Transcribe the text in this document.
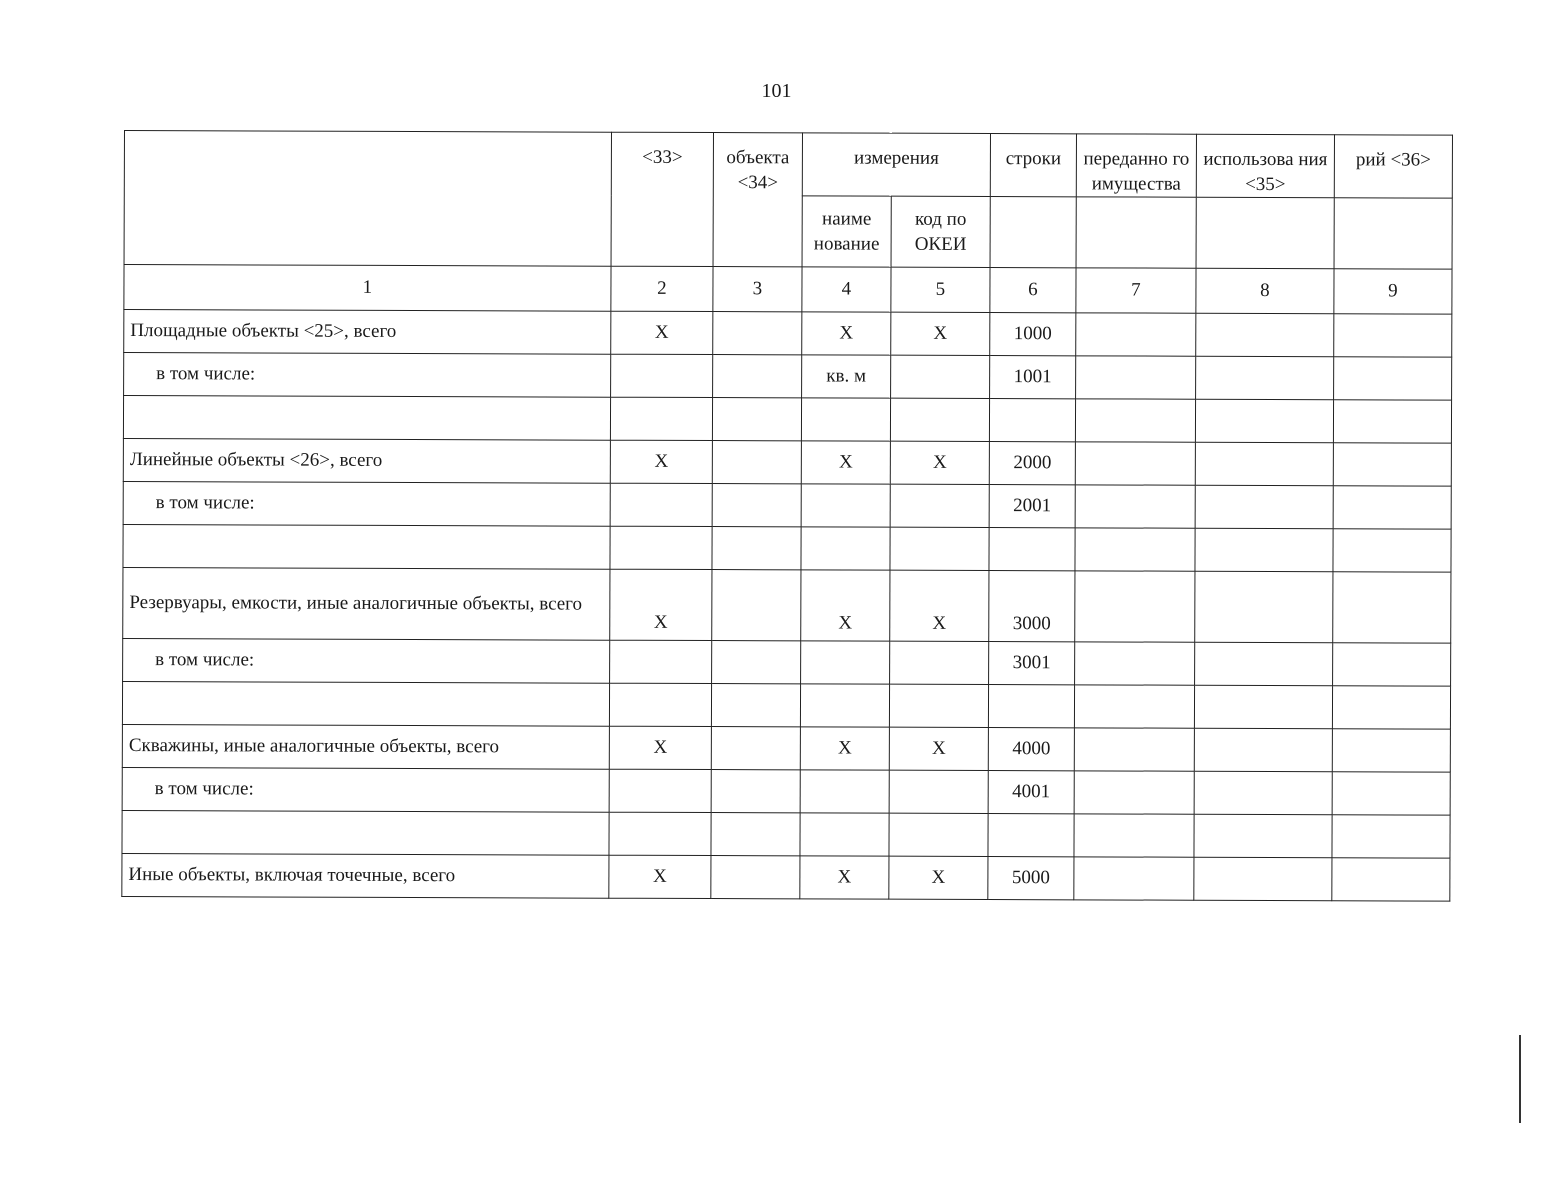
101
	<33>	объекта <34>	измерения		строки	переданно го имущества	использова ния <35>	рий <36>
			наиме нование	код по ОКЕИ				
1	2	3	4	5	6	7	8	9
Площадные объекты <25>, всего	X		X	X	1000			
в том числе:			кв. м		1001			

Линейные объекты <26>, всего	X		X	X	2000			
в том числе:					2001			

Резервуары, емкости, иные аналогичные объекты, всего	X		X	X	3000			
в том числе:					3001			

Скважины, иные аналогичные объекты, всего	X		X	X	4000			
в том числе:					4001			

Иные объекты, включая точечные, всего	X		X	X	5000			
